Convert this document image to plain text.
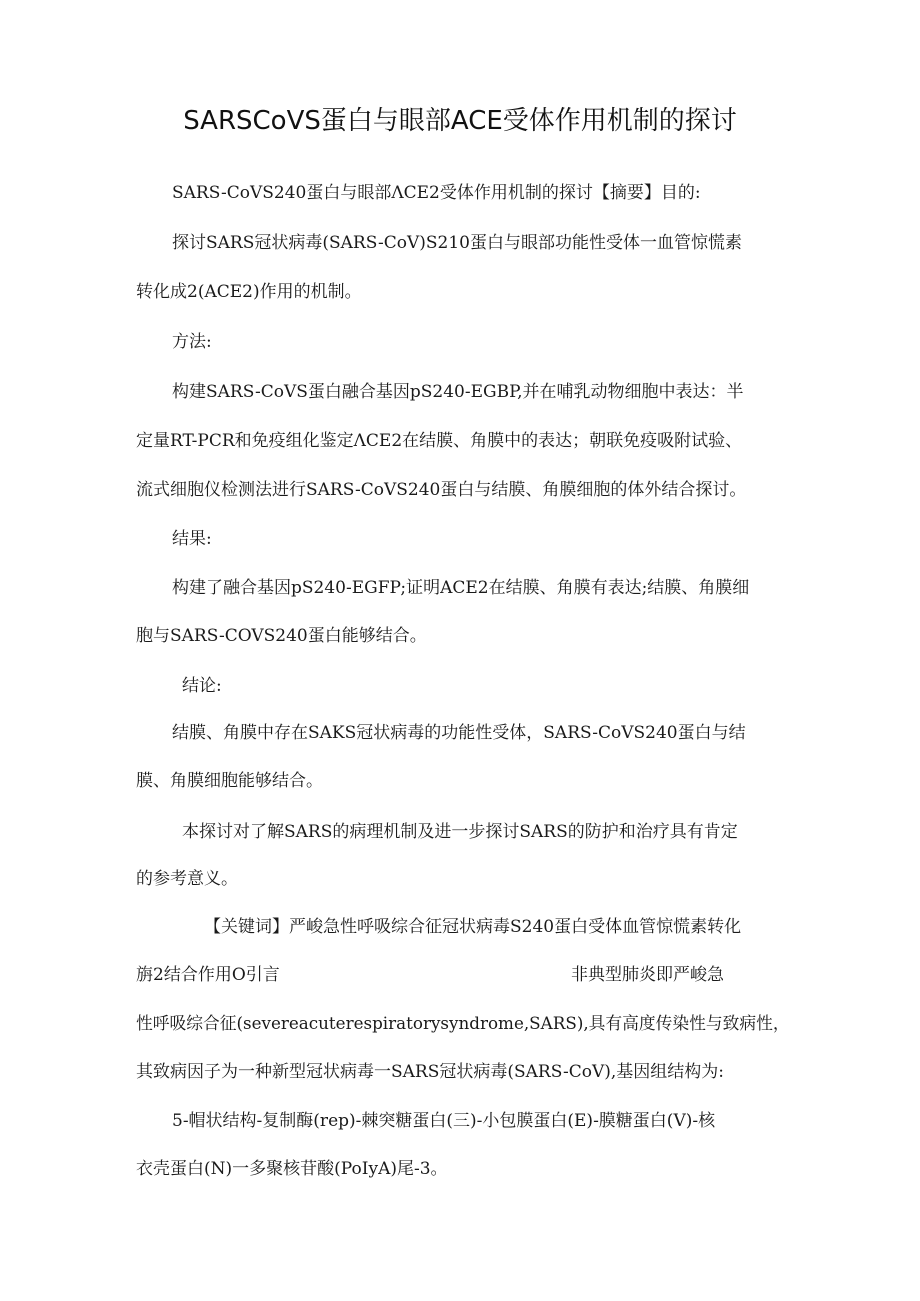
SARSCoVS蛋白与眼部ACE受体作用机制的探讨
SARS-CoVS240蛋白与眼部ΛCE2受体作用机制的探讨【摘要】目的:
探讨SARS冠状病毒(SARS-CoV)S210蛋白与眼部功能性受体一血管惊慌素
转化成2(ACE2)作用的机制。
方法:
构建SARS-CoVS蛋白融合基因pS240-EGBP,并在哺乳动物细胞中表达：半
定量RT-PCR和免疫组化鉴定ΛCE2在结膜、角膜中的表达；朝联免疫吸附试验、
流式细胞仪检测法进行SARS-CoVS240蛋白与结膜、角膜细胞的体外结合探讨。
结果:
构建了融合基因pS240-EGFP;证明ACE2在结膜、角膜有表达;结膜、角膜细
胞与SARS-COVS240蛋白能够结合。
结论:
结膜、角膜中存在SAKS冠状病毒的功能性受体，SARS-CoVS240蛋白与结
膜、角膜细胞能够结合。
本探讨对了解SARS的病理机制及进一步探讨SARS的防护和治疗具有肯定
的参考意义。
【关键词】严峻急性呼吸综合征冠状病毒S240蛋白受体血管惊慌素转化
旃2结合作用O引言	非典型肺炎即严峻急
性呼吸综合征(severeacuterespiratorysyndrome,SARS),具有高度传染性与致病性，
其致病因子为一种新型冠状病毒一SARS冠状病毒(SARS-CoV),基因组结构为:
5-帽状结构-复制酶(rep)-棘突糖蛋白(三)-小包膜蛋白(E)-膜糖蛋白(V)-核
衣壳蛋白(N)一多聚核苷酸(PoIyA)尾-3。
